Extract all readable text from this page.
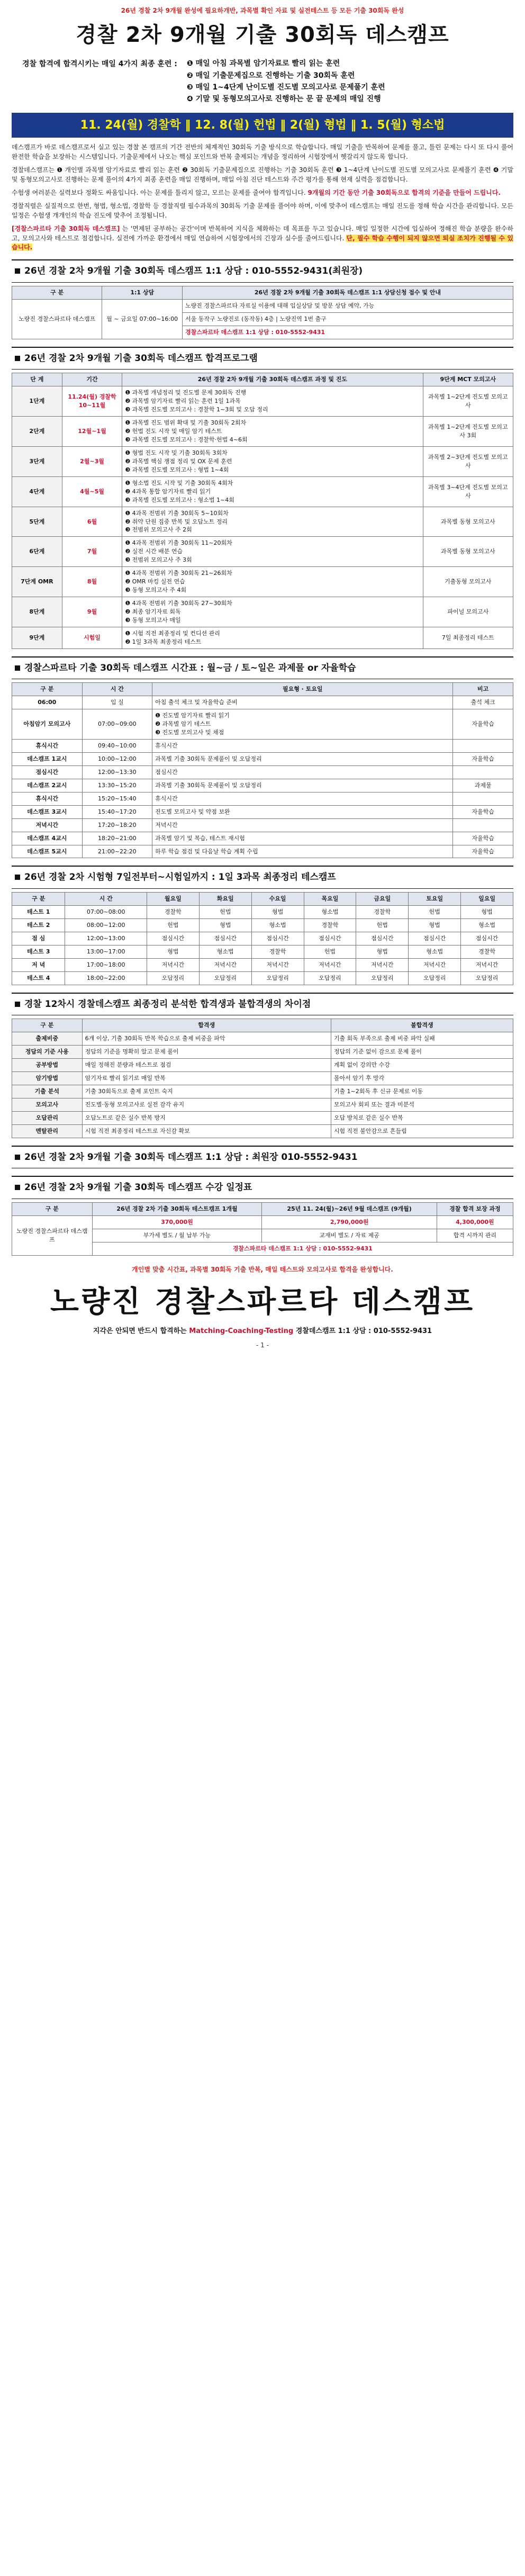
26년 경찰 2차 9개월 완성에 필요하개반, 과목별 확인 자료 및 실전테스트 등 모든 기출 30회독 완성
경찰 2차 9개월 기출 30회독 데스캠프
경찰 합격에 합격시키는 매일 4가지 최종 훈련 : ❶ 매일 아침 과목별 암기자료로 빨리 읽는 훈련
❷ 매일 기출문제집으로 진행하는 기출 30회독 훈련
❸ 매일 1~4단계 난이도별 진도별 모의고사로 문제풀기 훈련
❹ 기말 및 동형모의고사로 진행하는 문 끝 문제의 매일 진행
11. 24(월) 경찰학 ‖ 12. 8(월) 헌법 ‖ 2(월) 형법 ‖ 1. 5(월) 형소법

데스캠프가 바로 데스캠프로서 실고 있는 경찰 본 캠프의 기간 전반의 체계적인 30회독 기출 방식으로 학습합니다. 매일 기출을 반복하여 문제를 풀고, 틀린 문제는 다시 또 다시 풀어 완전한 학습을 보장하는 시스템입니다. 기출문제에서 나오는 핵심 포인트와 반복 출제되는 개념을 정리하여 시험장에서 헷갈리지 않도록 합니다.

경찰데스캠프는 ❶ 개인별 과목별 암기자료로 빨리 읽는 훈련 ❷ 30회독 기출문제집으로 진행하는 기출 30회독 훈련 ❸ 1~4단계 난이도별 진도별 모의고사로 문제풀기 훈련 ❹ 기말 및 동형모의고사로 진행하는 문제 풀이의 4가지 최종 훈련을 매일 진행하며, 매일 아침 진단 테스트와 주간 평가를 통해 현재 실력을 점검합니다.

수험생 여러분은 실력보다 정확도 싸움입니다. 아는 문제를 틀리지 않고, 모르는 문제를 줄여야 합격입니다. 9개월의 기간 동안 기출 30회독으로 합격의 기준을 만들어 드립니다.

경찰직렬은 실질적으로 한번, 형법, 형소법, 경찰학 등 경찰직렬 필수과목의 30회독 기출 문제를 풀어야 하며, 이에 맞추어 데스캠프는 매일 진도를 정해 학습 시간을 관리합니다. 모든 일정은 수험생 개개인의 학습 진도에 맞추어 조정됩니다.

[경찰스파르타 기출 30회독 데스캠프] 는 '면제된 공부하는 공간'이며 반복하여 지식을 체화하는 데 목표를 두고 있습니다. 매일 일정한 시간에 입실하여 정해진 학습 분량을 완수하고, 모의고사와 테스트로 점검합니다. 실전에 가까운 환경에서 매일 연습하여 시험장에서의 긴장과 실수를 줄여드립니다. 단, 필수 학습 수행이 되지 않으면 퇴실 조치가 진행될 수 있습니다.

26년 경찰 2차 9개월 기출 30회독 데스캠프 1:1 상담 : 010-5552-9431(최원장)
구 분	1:1 상담	26년 경찰 2차 9개월 기출 30회독 데스캠프 1:1 상담신청 접수 및 안내
노량진 경찰스파르타 데스캠프	월 ~ 금요일 07:00~16:00	노량진 경찰스파르타 자료실 이용에 대해 입실상담 및 방문 상담 예약, 가능
		서울 동작구 노량진로 (동작동) 4층 | 노량진역 1번 출구
		경찰스파르타 데스캠프 1:1 상담 : 010-5552-9431
26년 경찰 2차 9개월 기출 30회독 데스캠프 합격프로그램
단 계	기간	26년 경찰 2차 9개월 기출 30회독 데스캠프 과정 및 진도	9단계 MCT 모의고사
1단계	11.24(월) 경찰학 10~11월	❶ 과목별 개념정리 및 진도별 문제 30회독 진행
❷ 과목별 암기자료 빨리 읽는 훈련 1일 1과목
❸ 과목별 진도별 모의고사 : 경찰학 1~3회 및 오답 정리	과목별 1~2단계 진도별 모의고사
2단계	12월~1월	❶ 과목별 진도 범위 확대 및 기출 30회독 2회차
❷ 헌법 진도 시작 및 매일 암기 테스트
❸ 과목별 진도별 모의고사 : 경찰학·헌법 4~6회	과목별 1~2단계 진도별 모의고사 3회
3단계	2월~3월	❶ 형법 진도 시작 및 기출 30회독 3회차
❷ 과목별 핵심 쟁점 정리 및 OX 문제 훈련
❸ 과목별 진도별 모의고사 : 형법 1~4회	과목별 2~3단계 진도별 모의고사
4단계	4월~5월	❶ 형소법 진도 시작 및 기출 30회독 4회차
❷ 4과목 통합 암기자료 빨리 읽기
❸ 과목별 진도별 모의고사 : 형소법 1~4회	과목별 3~4단계 진도별 모의고사
5단계	6월	❶ 4과목 전범위 기출 30회독 5~10회차
❷ 취약 단원 집중 반복 및 오답노트 정리
❸ 전범위 모의고사 주 2회	과목별 동형 모의고사
6단계	7월	❶ 4과목 전범위 기출 30회독 11~20회차
❷ 실전 시간 배분 연습
❸ 전범위 모의고사 주 3회	과목별 동형 모의고사
7단계 OMR	8월	❶ 4과목 전범위 기출 30회독 21~26회차
❷ OMR 마킹 실전 연습
❸ 동형 모의고사 주 4회	기출동형 모의고사
8단계	9월	❶ 4과목 전범위 기출 30회독 27~30회차
❷ 최종 암기자료 회독
❸ 동형 모의고사 매일	파이널 모의고사
9단계	시험일	❶ 시험 직전 최종정리 및 컨디션 관리
❷ 1일 3과목 최종정리 테스트	7일 최종정리 테스트
경찰스파르타 기출 30회독 데스캠프 시간표 : 월~금 / 토~일은 과제물 or 자율학습
구 분	시 간	필요형 · 토요일	비고
06:00	입 실	아침 출석 체크 및 자율학습 준비	출석 체크
아침암기 모의고사	07:00~09:00	❶ 진도별 암기자료 빨리 읽기
❷ 과목별 암기 테스트
❸ 진도별 모의고사 및 채점	자율학습
휴식시간	09:40~10:00	휴식시간	
데스캠프 1교시	10:00~12:00	과목별 기출 30회독 문제풀이 및 오답정리	자율학습
점심시간	12:00~13:30	점심시간	
데스캠프 2교시	13:30~15:20	과목별 기출 30회독 문제풀이 및 오답정리	과제물
휴식시간	15:20~15:40	휴식시간	
데스캠프 3교시	15:40~17:20	진도별 모의고사 및 약점 보완	자율학습
저녁시간	17:20~18:20	저녁시간	
데스캠프 4교시	18:20~21:00	과목별 암기 및 복습, 테스트 재시험	자율학습
데스캠프 5교시	21:00~22:20	하루 학습 점검 및 다음날 학습 계획 수립	자율학습
26년 경찰 2차 시험형 7일전부터~시험일까지 : 1일 3과목 최종정리 테스캠프
구 분	시 간	월요일	화요일	수요일	목요일	금요일	토요일	일요일
테스트 1	07:00~08:00	경찰학	헌법	형법	형소법	경찰학	헌법	형법
테스트 2	08:00~12:00	헌법	형법	형소법	경찰학	헌법	형법	형소법
점 심	12:00~13:00	점심시간	점심시간	점심시간	점심시간	점심시간	점심시간	점심시간
테스트 3	13:00~17:00	형법	형소법	경찰학	헌법	형법	형소법	경찰학
저 녁	17:00~18:00	저녁시간	저녁시간	저녁시간	저녁시간	저녁시간	저녁시간	저녁시간
테스트 4	18:00~22:00	오답정리	오답정리	오답정리	오답정리	오답정리	오답정리	오답정리
경찰 12차시 경찰데스캠프 최종정리 분석한 합격생과 불합격생의 차이점
구 분	합격생	불합격생
출제비중	6개 이상, 기출 30회독 반복 학습으로 출제 비중을 파악	기출 회독 부족으로 출제 비중 파악 실패
정답의 기준 사용	정답의 기준을 명확히 알고 문제 풀이	정답의 기준 없이 감으로 문제 풀이
공부방법	매일 정해진 분량과 테스트로 점검	계획 없이 강의만 수강
암기방법	암기자료 빨리 읽기로 매일 반복	몰아서 암기 후 망각
기출 분석	기출 30회독으로 출제 포인트 숙지	기출 1~2회독 후 신규 문제로 이동
모의고사	진도별·동형 모의고사로 실전 감각 유지	모의고사 회피 또는 결과 미분석
오답관리	오답노트로 같은 실수 반복 방지	오답 방치로 같은 실수 반복
멘탈관리	시험 직전 최종정리 테스트로 자신감 확보	시험 직전 불안감으로 흔들림
26년 경찰 2차 9개월 기출 30회독 데스캠프 1:1 상담 : 최원장 010-5552-9431
26년 경찰 2차 9개월 기출 30회독 데스캠프 수강 일정표
구 분	26년 경찰 2차 기출 30회독 테스트캠프 1개월	25년 11. 24(월)~26년 9월 데스캠프 (9개월)	경찰 합격 보장 과정
노량진 경찰스파르타 데스캠프	370,000원	2,790,000원	4,300,000원
	부가세 별도 / 월 납부 가능	교재비 별도 / 자료 제공	합격 시까지 관리
	경찰스파르타 데스캠프 1:1 상담 : 010-5552-9431		
개인별 맞춤 시간표, 과목별 30회독 기출 반복, 매일 테스트와 모의고사로 합격을 완성합니다.
노량진 경찰스파르타 데스캠프
지각은 안되면 반드시 합격하는 Matching-Coaching-Testing 경찰데스캠프 1:1 상담 : 010-5552-9431
- 1 -
